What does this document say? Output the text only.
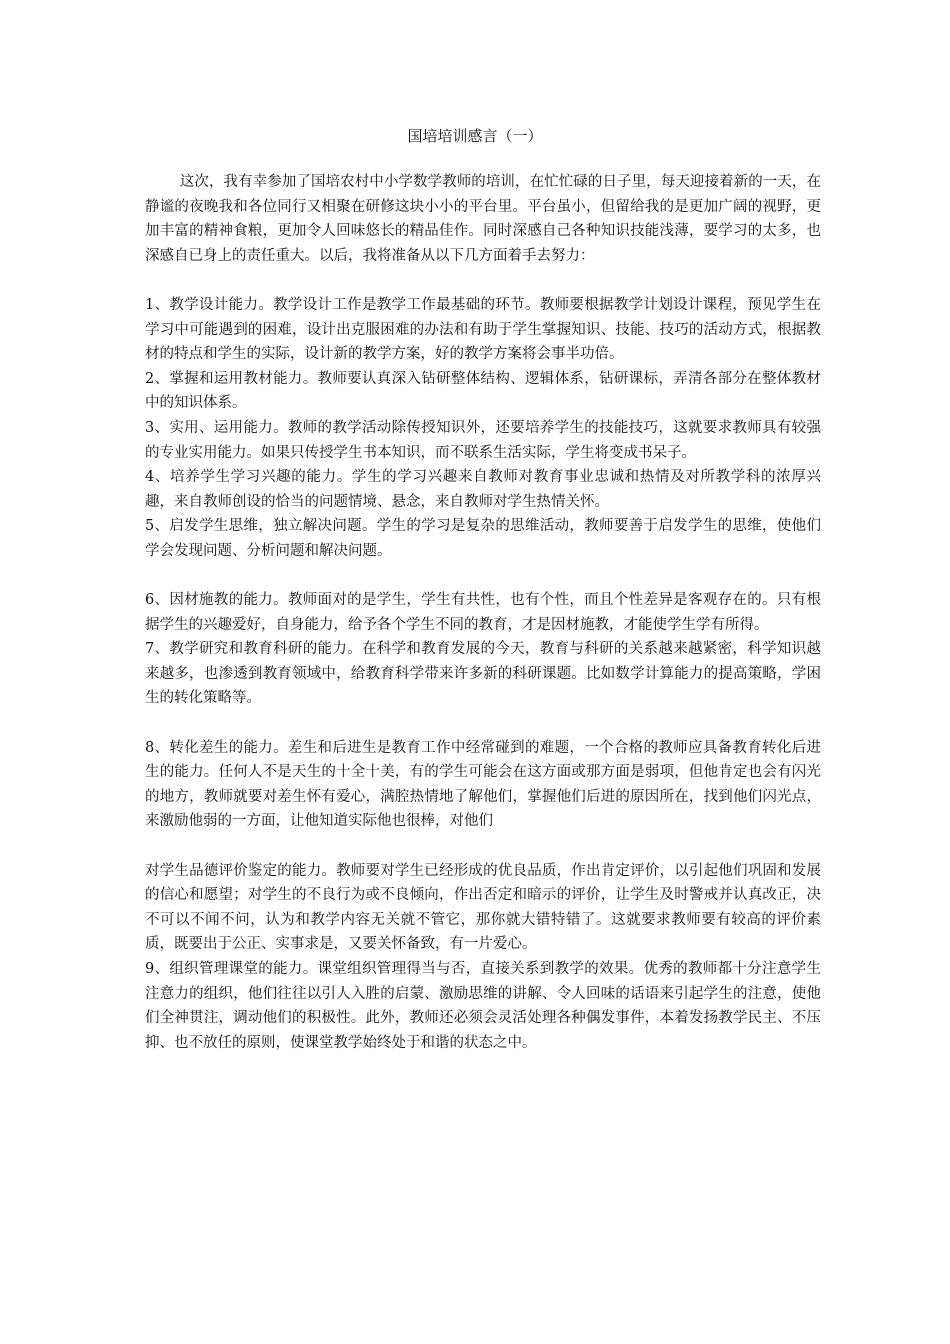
国培培训感言（一）

这次，我有幸参加了国培农村中小学数学教师的培训，在忙忙碌的日子里，每天迎接着新的一天，在静谧的夜晚我和各位同行又相聚在研修这块小小的平台里。平台虽小，但留给我的是更加广阔的视野，更加丰富的精神食粮，更加令人回味悠长的精品佳作。同时深感自己各种知识技能浅薄，要学习的太多，也深感自已身上的责任重大。以后，我将准备从以下几方面着手去努力：

1、教学设计能力。教学设计工作是教学工作最基础的环节。教师要根据教学计划设计课程，预见学生在学习中可能遇到的困难，设计出克服困难的办法和有助于学生掌握知识、技能、技巧的活动方式，根据教材的特点和学生的实际，设计新的教学方案，好的教学方案将会事半功倍。

2、掌握和运用教材能力。教师要认真深入钻研整体结构、逻辑体系，钻研课标，弄清各部分在整体教材中的知识体系。

3、实用、运用能力。教师的教学活动除传授知识外，还要培养学生的技能技巧，这就要求教师具有较强的专业实用能力。如果只传授学生书本知识，而不联系生活实际，学生将变成书呆子。

4、培养学生学习兴趣的能力。学生的学习兴趣来自教师对教育事业忠诚和热情及对所教学科的浓厚兴趣，来自教师创设的恰当的问题情境、悬念，来自教师对学生热情关怀。

5、启发学生思维，独立解决问题。学生的学习是复杂的思维活动，教师要善于启发学生的思维，使他们学会发现问题、分析问题和解决问题。

6、因材施教的能力。教师面对的是学生，学生有共性，也有个性，而且个性差异是客观存在的。只有根据学生的兴趣爱好，自身能力，给予各个学生不同的教育，才是因材施教，才能使学生学有所得。

7、教学研究和教育科研的能力。在科学和教育发展的今天，教育与科研的关系越来越紧密，科学知识越来越多，也渗透到教育领域中，给教育科学带来许多新的科研课题。比如数学计算能力的提高策略，学困生的转化策略等。

8、转化差生的能力。差生和后进生是教育工作中经常碰到的难题，一个合格的教师应具备教育转化后进生的能力。任何人不是天生的十全十美，有的学生可能会在这方面或那方面是弱项，但他肯定也会有闪光的地方，教师就要对差生怀有爱心，满腔热情地了解他们，掌握他们后进的原因所在，找到他们闪光点，来激励他弱的一方面，让他知道实际他也很棒，对他们

对学生品德评价鉴定的能力。教师要对学生已经形成的优良品质，作出肯定评价，以引起他们巩固和发展的信心和愿望；对学生的不良行为或不良倾向，作出否定和暗示的评价，让学生及时警戒并认真改正，决不可以不闻不问，认为和教学内容无关就不管它，那你就大错特错了。这就要求教师要有较高的评价素质，既要出于公正、实事求是，又要关怀备致，有一片爱心。

9、组织管理课堂的能力。课堂组织管理得当与否，直接关系到教学的效果。优秀的教师都十分注意学生注意力的组织，他们往往以引人入胜的启蒙、激励思维的讲解、令人回味的话语来引起学生的注意，使他们全神贯注，调动他们的积极性。此外，教师还必须会灵活处理各种偶发事件，本着发扬教学民主、不压抑、也不放任的原则，使课堂教学始终处于和谐的状态之中。
